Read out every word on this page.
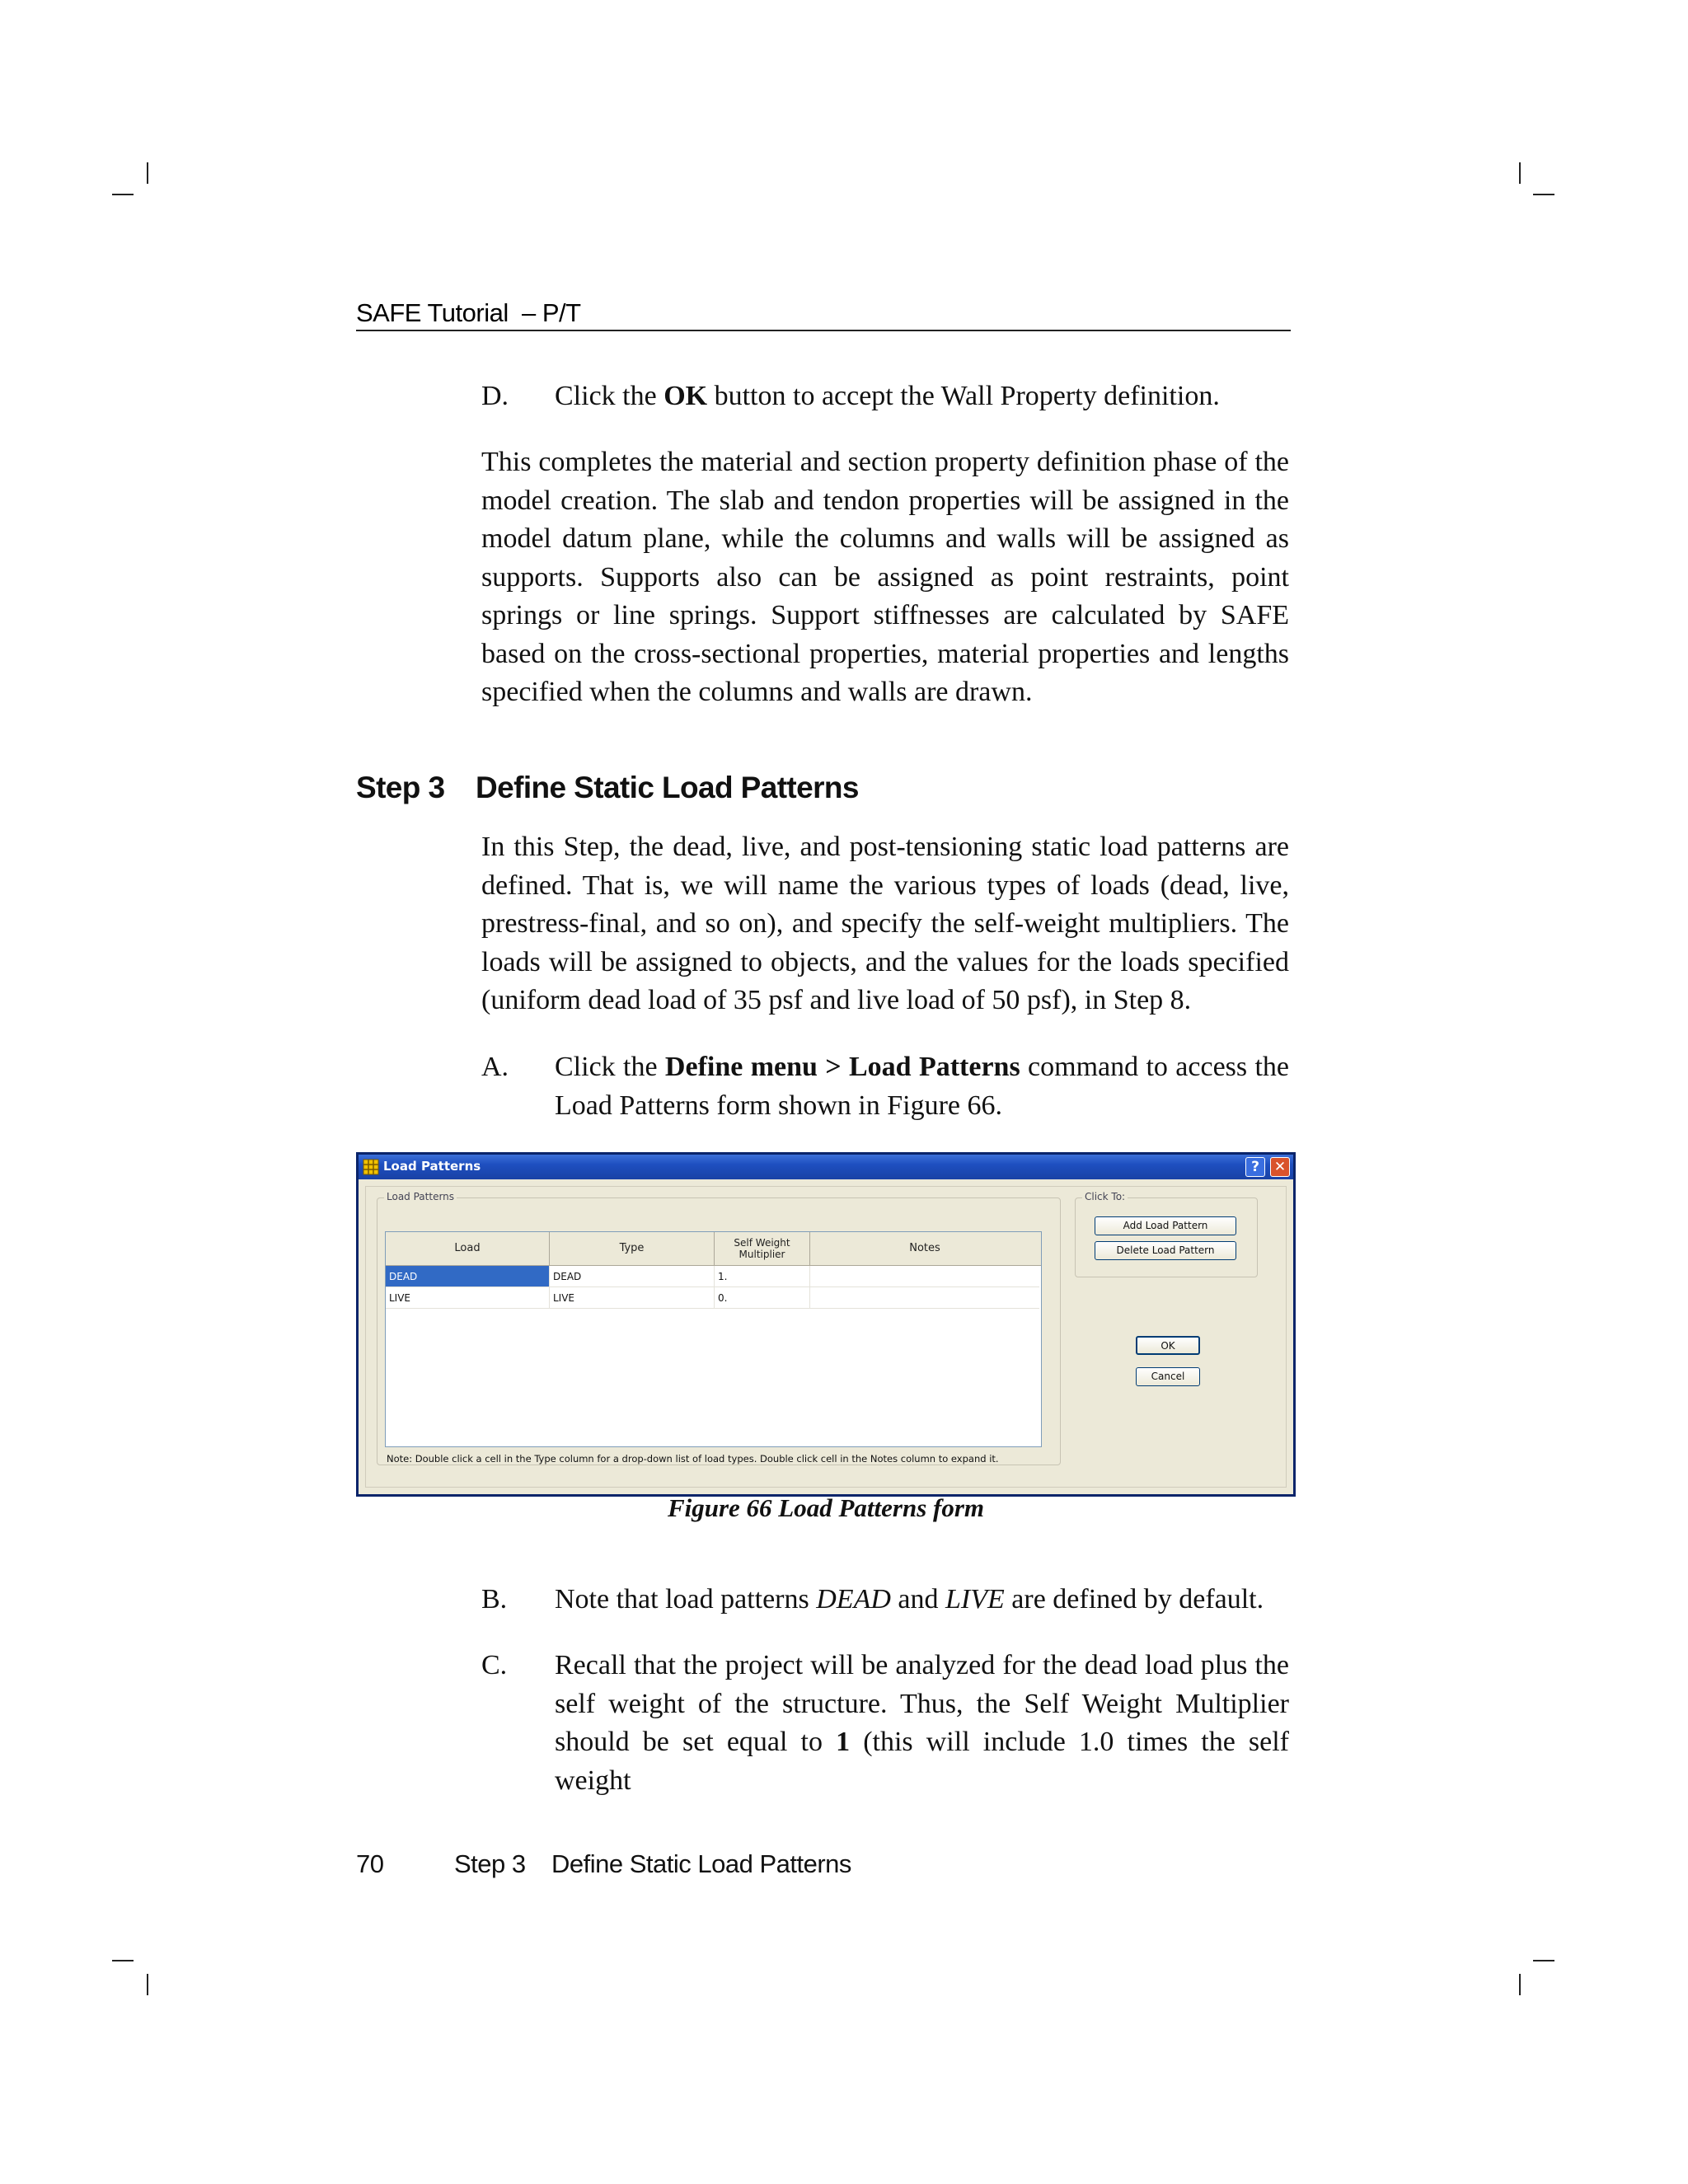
SAFE Tutorial  – P/T
D. Click the OK button to accept the Wall Property definition.
This completes the material and section property definition phase of the model creation. The slab and tendon properties will be assigned in the model datum plane, while the columns and walls will be assigned as supports. Supports also can be assigned as point restraints, point springs or line springs. Support stiffnesses are calculated by SAFE based on the cross-sectional properties, material properties and lengths specified when the columns and walls are drawn.
Step 3 Define Static Load Patterns
In this Step, the dead, live, and post-tensioning static load patterns are defined. That is, we will name the various types of loads (dead, live, prestress-final, and so on), and specify the self-weight multipliers. The loads will be assigned to objects, and the values for the loads specified (uniform dead load of 35 psf and live load of 50 psf), in Step 8.
A. Click the Define menu > Load Patterns command to access the Load Patterns form shown in Figure 66.
Load Patterns	?	✕
Load Patterns
Load	Type	Self Weight Multiplier	Notes
DEAD	DEAD	1.
LIVE	LIVE	0.
Note: Double click a cell in the Type column for a drop-down list of load types. Double click cell in the Notes column to expand it.
Click To:
Add Load Pattern
Delete Load Pattern
OK
Cancel
Figure 66 Load Patterns form
B. Note that load patterns DEAD and LIVE are defined by default.
C. Recall that the project will be analyzed for the dead load plus the self weight of the structure. Thus, the Self Weight Multiplier should be set equal to 1 (this will include 1.0 times the self weight
70	Step 3 Define Static Load Patterns
